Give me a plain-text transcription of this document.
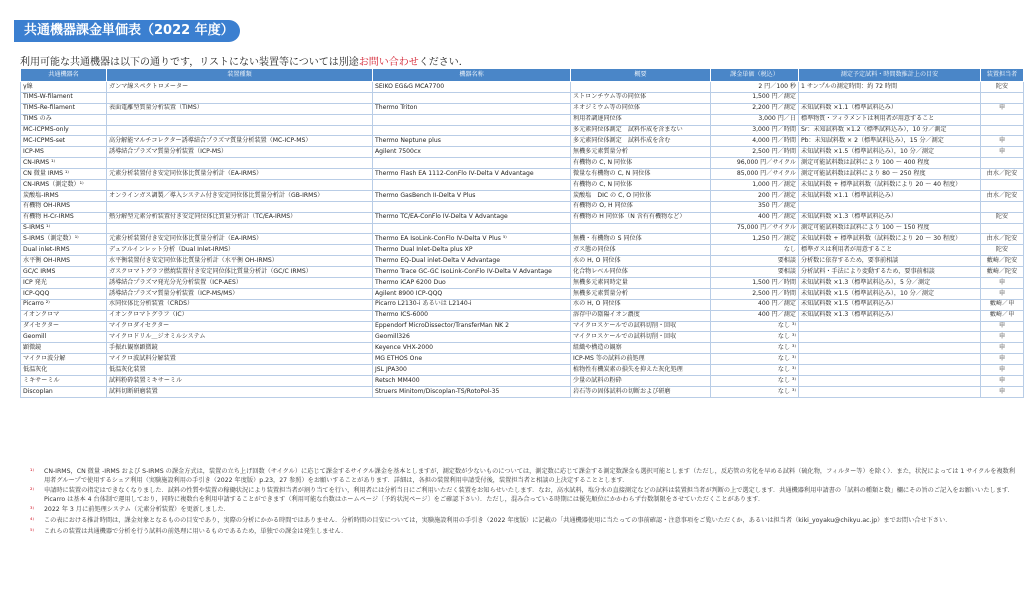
共通機器課金単価表（2022 年度）
利用可能な共通機器は以下の通りです，リストにない装置等については別途お問い合わせください．
共通機器名	装置種類	機器名称	概要	課金単価（税込）	測定予定試料・時間数推計上の目安	装置担当者
γ線	ガンマ線スペクトロメーター	SEIKO EG&G MCA7700		2 円／100 秒	1 サンプルの測定時間：約 72 時間	陀安
TIMS-W-filament			ストロンチウム等の同位体	1,500 円／測定		
TIMS-Re-filament	表面電離型質量分析装置（TIMS）	Thermo Triton	ネオジミウム等の同位体	2,200 円／測定	未知試料数 ×1.1（標準試料込み）	申
TIMS のみ			利用者調達同位体	3,000 円／日	標準物質・フィラメントは利用者が用意すること	
MC-ICPMS-only			多元素同位体測定　試料作成を含まない	3,000 円／時間	Sr：未知試料数 ×1.2（標準試料込み），10 分／測定	
MC-ICPMS-set	高分解能マルチコレクター誘導結合プラズマ質量分析装置（MC-ICP-MS）	Thermo Neptune plus	多元素同位体測定　試料作成を含む	4,000 円／時間	Pb：未知試料数 × 2（標準試料込み），15 分／測定	申
ICP-MS	誘導結合プラズマ質量分析装置（ICP-MS）	Agilent 7500cx	無機多元素質量分析	2,500 円／時間	未知試料数 ×1.5（標準試料込み），10 分／測定	申
CN-IRMS ¹⁾			有機物の C, N 同位体	96,000 円／サイクル	測定可能試料数は試料により 100 ～ 400 程度	
CN 微量 IRMS ¹⁾	元素分析装置付き安定同位体比質量分析計（EA-IRMS）	Thermo Flash EA 1112-ConFlo IV-Delta V Advantage	微量な有機物の C, N 同位体	85,000 円／サイクル	測定可能試料数は試料により 80 ～ 250 程度	由水／陀安
CN-IRMS（測定数）¹⁾			有機物の C, N 同位体	1,000 円／測定	未知試料数 + 標準試料数（試料数により 20 ～ 40 程度）	
炭酸塩-IRMS	オンラインガス調製／導入システム付き安定同位体比質量分析計（GB-IRMS）	Thermo GasBench II-Delta V Plus	炭酸塩　DIC の C, O 同位体	200 円／測定	未知試料数 ×1.1（標準試料込み）	由水／陀安
有機物 OH-IRMS			有機物の O, H 同位体	350 円／測定		
有機物 H-Cr-IRMS	熱分解型元素分析装置付き安定同位体比質量分析計（TC/EA-IRMS）	Thermo TC/EA-ConFlo IV-Delta V Advantage	有機物の H 同位体（N 含有有機物など）	400 円／測定	未知試料数 ×1.3（標準試料込み）	陀安
S-IRMS ¹⁾				75,000 円／サイクル	測定可能試料数は試料により 100 ～ 150 程度	
S-IRMS（測定数）¹⁾	元素分析装置付き安定同位体比質量分析計（EA-IRMS）	Thermo EA IsoLink-ConFlo IV-Delta V Plus ⁵⁾	無機・有機物の S 同位体	1,250 円／測定	未知試料数 + 標準試料数（試料数により 20 ～ 30 程度）	由水／陀安
Dual inlet-IRMS	デュアルインレット分析（Dual Inlet-IRMS）	Thermo Dual Inlet-Delta plus XP	ガス態の同位体	なし	標準ガスは利用者が用意すること	陀安
水平衡 OH-IRMS	水平衡装置付き安定同位体比質量分析計（水平衡 OH-IRMS）	Thermo EQ-Dual inlet-Delta V Advantage	水の H, O 同位体	要相談	分析数に依存するため，要事前相談	藪崎／陀安
GC/C IRMS	ガスクロマトグラフ燃焼装置付き安定同位体比質量分析計（GC/C IRMS）	Thermo Trace GC-GC IsoLink-ConFlo IV-Delta V Advantage	化合物レベル同位体	要相談	分析試料・手法により変動するため，要事前相談	藪崎／陀安
ICP 発光	誘導結合プラズマ発光分光分析装置（ICP-AES）	Thermo iCAP 6200 Duo	無機多元素同時定量	1,500 円／時間	未知試料数 ×1.3（標準試料込み），5 分／測定	申
ICP-QQQ	誘導結合プラズマ質量分析装置（ICP-MS/MS）	Agilent 8900 ICP-QQQ	無機多元素質量分析	2,500 円／時間	未知試料数 ×1.5（標準試料込み），10 分／測定	申
Picarro ²⁾	水同位体比分析装置（CRDS）	Picarro L2130-i あるいは L2140-i	水の H, O 同位体	400 円／測定	未知試料数 ×1.5（標準試料込み）	藪崎／申
イオンクロマ	イオンクロマトグラフ（IC）	Thermo ICS-6000	溶存中の陰陽イオン濃度	400 円／測定	未知試料数 ×1.3（標準試料込み）	藪崎／申
ダイセクター	マイクロダイセクター	Eppendorf MicroDissector/TransferMan NK 2	マイクロスケールでの試料切削・回収	なし ³⁾		申
Geomill	マイクロドリル＿ジオミルシステム	Geomill326	マイクロスケールでの試料切削・回収	なし ³⁾		申
顕微鏡	手振れ観察顕微鏡	Keyence VHX-2000	組織や構造の観察	なし ³⁾		申
マイクロ波分解	マイクロ波試料分解装置	MG ETHOS One	ICP-MS 等の試料の前処理	なし ³⁾		申
低温灰化	低温灰化装置	JSL JPA300	植物性有機炭素の損失を抑えた灰化処理	なし ³⁾		申
ミキサーミル	試料粉砕装置ミキサーミル	Retsch MM400	少量の試料の粉砕	なし ³⁾		申
Discoplan	試料切断研磨装置	Struers Minitom/Discoplan-TS/RotoPol-35	岩石等の固体試料の切断および研磨	なし ³⁾		申
¹⁾ CN-IRMS，CN 微量 -IRMS および S-IRMS の課金方式は，装置の立ち上げ回数（サイクル）に応じて課金するサイクル課金を基本としますが，測定数が少ないものについては，測定数に応じて課金する測定数課金も選択可能とします（ただし，反応管の劣化を早める試料（硫化物，フィルター等）を除く）．また，状況によっては 1 サイクルを複数利用者グループで使用するシェア利用（実験施設利用の手引き（2022 年度版）p.23，27 参照）をお願いすることがあります．詳細は，各担の装置利用申請受付後，装置担当者と相談の上決定することとします．
²⁾ 申請時に装置の指定はできなくなりました．試料の性質や装置の稼働状況により装置担当者が割り当てを行い，利用者には分析当日にご利用いただく装置をお知らせいたします．なお，高水試料，塩分水の直接測定などの試料は装置担当者が判断の上で選定します．共通機器利用申請書の「試料の種類と数」欄にその旨のご記入をお願いいたします．Picarro は基本 4 台体制で運用しており，同時に複数台を利用申請することができます（利用可能な台数はホームページ〔予約状況ページ〕をご確認下さい）．ただし，混み合っている時期には優先順位にかかわらず台数制限をさせていただくことがあります．
³⁾ 2022 年 3 月に前処理システム（元素分析装置）を更新しました．
⁴⁾ この表における推計時間は，課金対象となるものの目安であり，実際の分析にかかる時間ではありません．分析時間の目安については，実験施設利用の手引き（2022 年度版）に記載の「共通機器使用に当たっての事前確認・注意事項をご覧いただくか，あるいは担当者（kiki_yoyaku@chikyu.ac.jp）までお問い合せ下さい．
⁵⁾ これらの装置は共通機器で分析を行う試料の前処理に用いるものであるため，単独での課金は発生しません．
